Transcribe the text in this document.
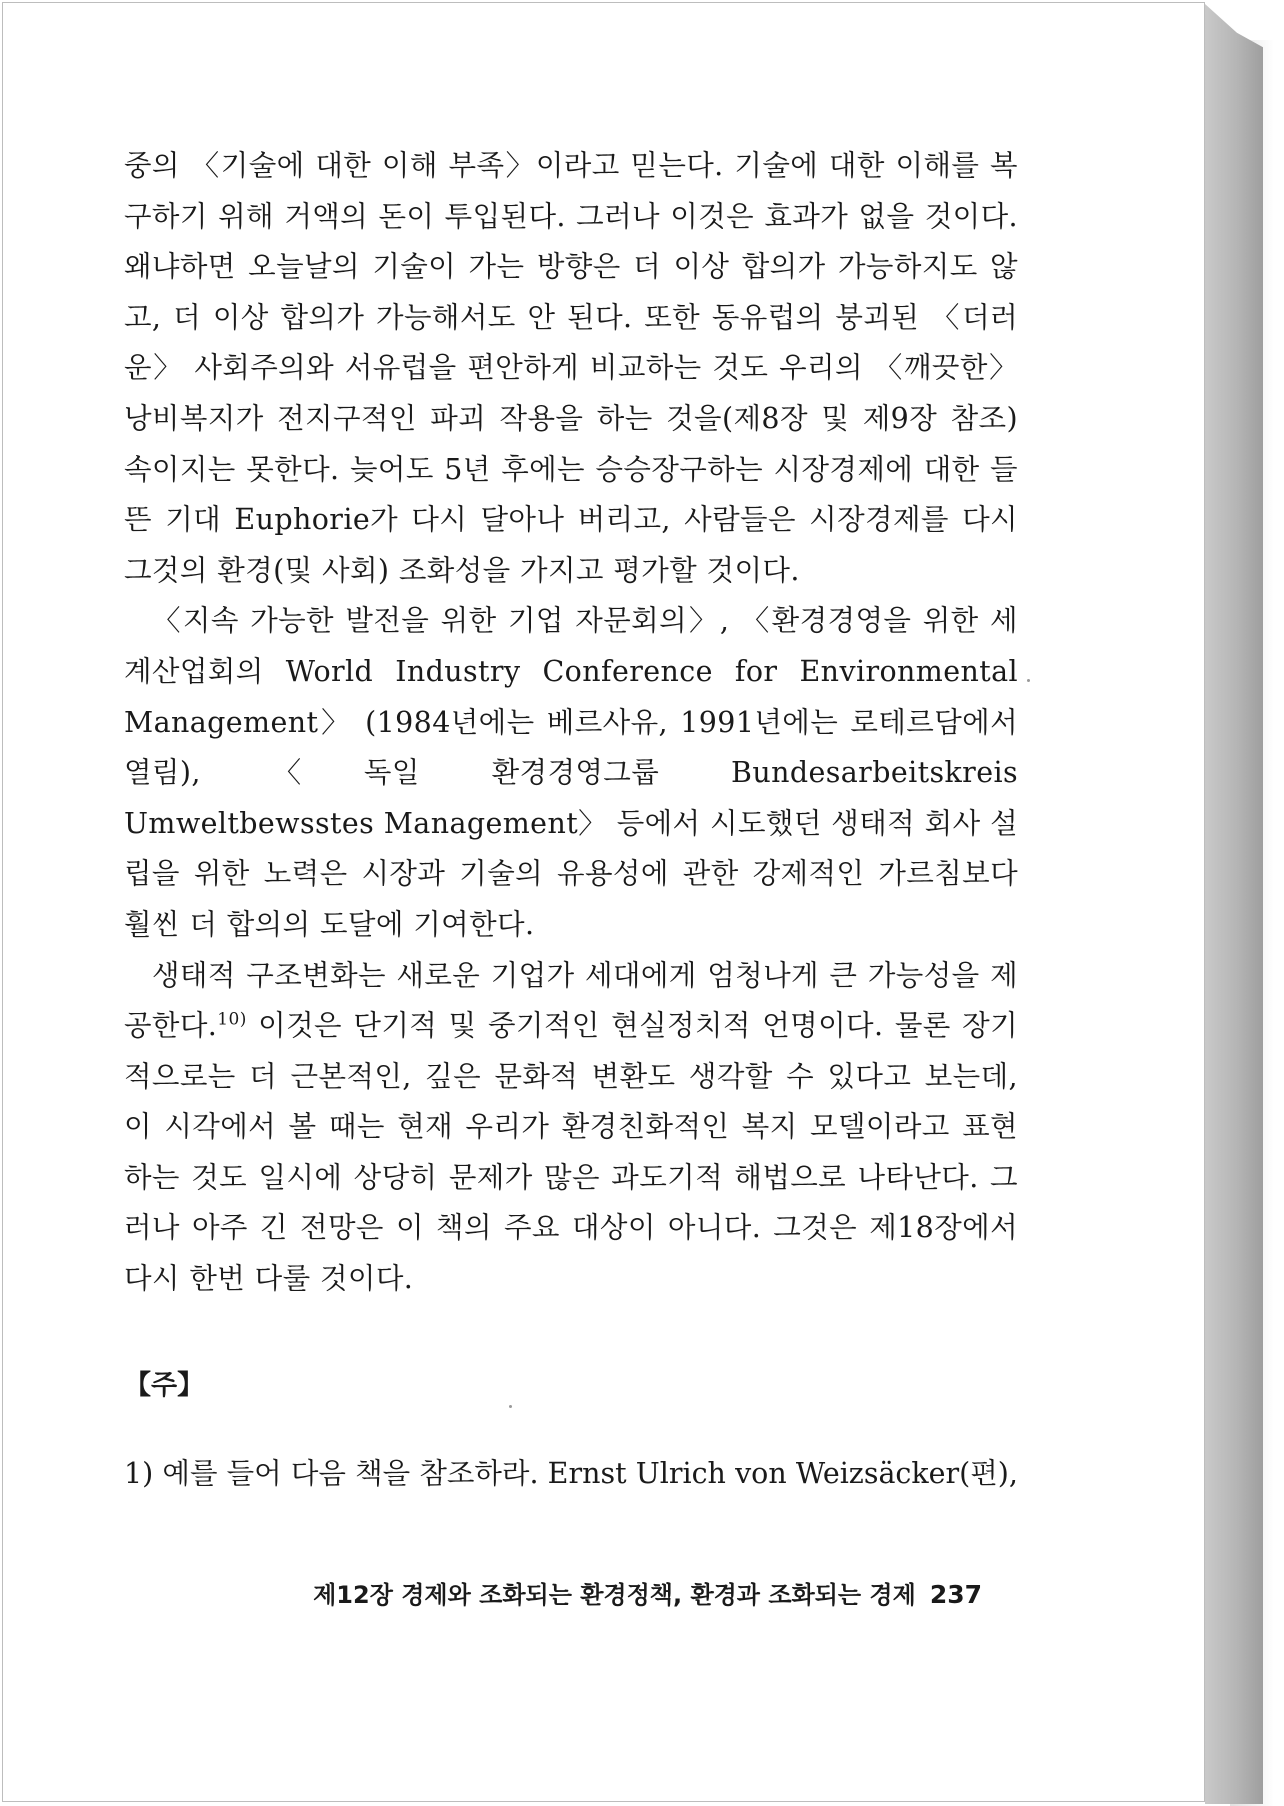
중의 〈기술에 대한 이해 부족〉이라고 믿는다. 기술에 대한 이해를 복구하기 위해 거액의 돈이 투입된다. 그러나 이것은 효과가 없을 것이다. 왜냐하면 오늘날의 기술이 가는 방향은 더 이상 합의가 가능하지도 않고, 더 이상 합의가 가능해서도 안 된다. 또한 동유럽의 붕괴된 〈더러운〉 사회주의와 서유럽을 편안하게 비교하는 것도 우리의 〈깨끗한〉 낭비복지가 전지구적인 파괴 작용을 하는 것을(제8장 및 제9장 참조) 속이지는 못한다. 늦어도 5년 후에는 승승장구하는 시장경제에 대한 들뜬 기대 Euphorie가 다시 달아나 버리고, 사람들은 시장경제를 다시 그것의 환경(및 사회) 조화성을 가지고 평가할 것이다.

〈지속 가능한 발전을 위한 기업 자문회의〉, 〈환경경영을 위한 세계산업회의 World Industry Conference for Environmental Management〉 (1984년에는 베르사유, 1991년에는 로테르담에서 열림), 〈독일 환경경영그룹 Bundesarbeitskreis Umweltbewsstes Management〉 등에서 시도했던 생태적 회사 설립을 위한 노력은 시장과 기술의 유용성에 관한 강제적인 가르침보다 훨씬 더 합의의 도달에 기여한다.

생태적 구조변화는 새로운 기업가 세대에게 엄청나게 큰 가능성을 제공한다.$^{10)}$ 이것은 단기적 및 중기적인 현실정치적 언명이다. 물론 장기적으로는 더 근본적인, 깊은 문화적 변환도 생각할 수 있다고 보는데, 이 시각에서 볼 때는 현재 우리가 환경친화적인 복지 모델이라고 표현하는 것도 일시에 상당히 문제가 많은 과도기적 해법으로 나타난다. 그러나 아주 긴 전망은 이 책의 주요 대상이 아니다. 그것은 제18장에서 다시 한번 다룰 것이다.

【주】
1) 예를 들어 다음 책을 참조하라. Ernst Ulrich von Weizsäcker(편),
제12장 경제와 조화되는 환경정책, 환경과 조화되는 경제 237
